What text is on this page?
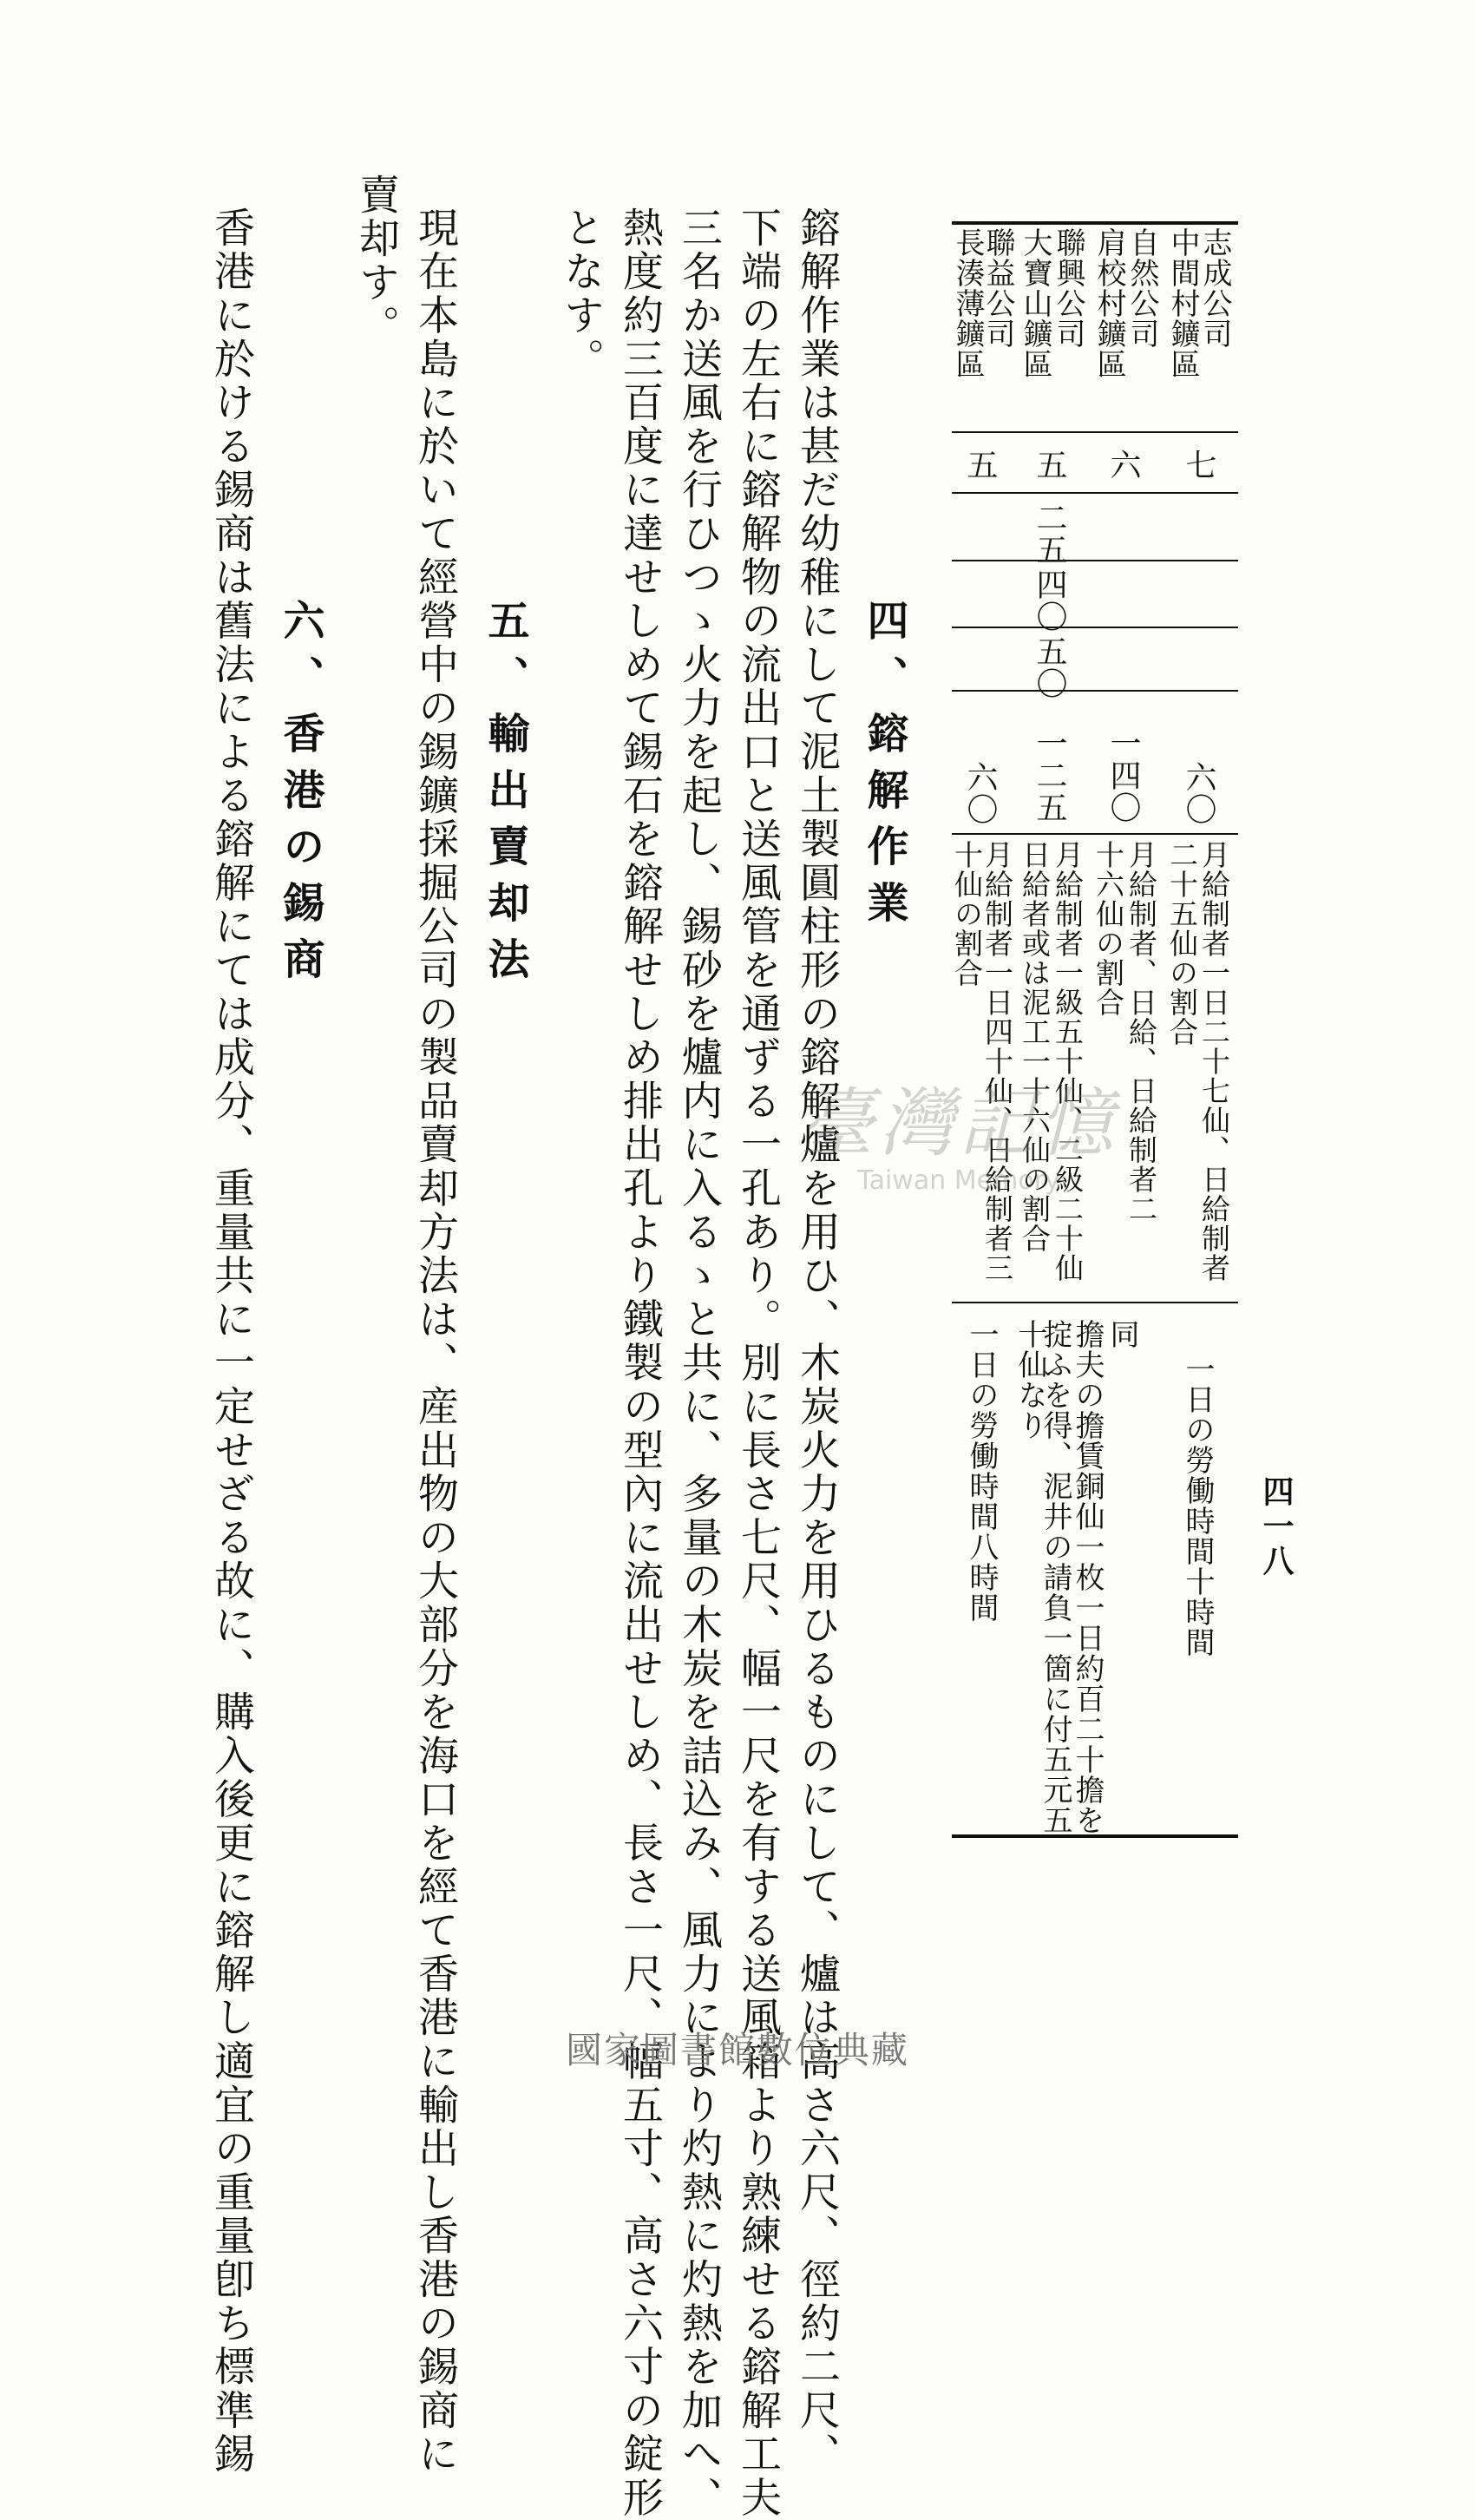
四一八
志成公司
中間村鑛區
自然公司
肩校村鑛區
聯興公司
大寶山鑛區
聯益公司
長湊薄鑛區
七
六
五
五
二五
四〇
五〇
六〇
一四〇
一二五
六〇
月給制者一日二十七仙、日給制者
二十五仙の割合
月給制者、日給、日給制者二
十六仙の割合
月給制者一級五十仙、二級二十仙
日給者或は泥工一十六仙の割合
月給制者一日四十仙、日給制者三
十仙の割合
一日の勞働時間十時間
同
擔夫の擔賃銅仙一枚一日約百二十擔を
掟ふを得、泥井の請負一箇に付五元五
十仙なり
一日の勞働時間八時間
四、鎔解作業
鎔解作業は甚だ幼稚にして泥土製圓柱形の鎔解爐を用ひ、木炭火力を用ひるものにして、爐は高さ六尺、徑約二尺、
下端の左右に鎔解物の流出口と送風管を通ずる一孔あり。別に長さ七尺、幅一尺を有する送風箱より熟練せる鎔解工夫
三名か送風を行ひつゝ火力を起し、錫砂を爐内に入るゝと共に、多量の木炭を詰込み、風力により灼熱に灼熱を加へ、
熱度約三百度に達せしめて錫石を鎔解せしめ排出孔より鐵製の型內に流出せしめ、長さ一尺、幅五寸、高さ六寸の錠形
となす。
五、輸出賣却法
現在本島に於いて經營中の錫鑛採掘公司の製品賣却方法は、産出物の大部分を海口を經て香港に輸出し香港の錫商に
賣却す。
六、香港の錫商
香港に於ける錫商は舊法による鎔解にては成分、重量共に一定せざる故に、購入後更に鎔解し適宜の重量卽ち標準錫	臺灣記憶
Taiwan Memory
國家圖書館數位典藏
